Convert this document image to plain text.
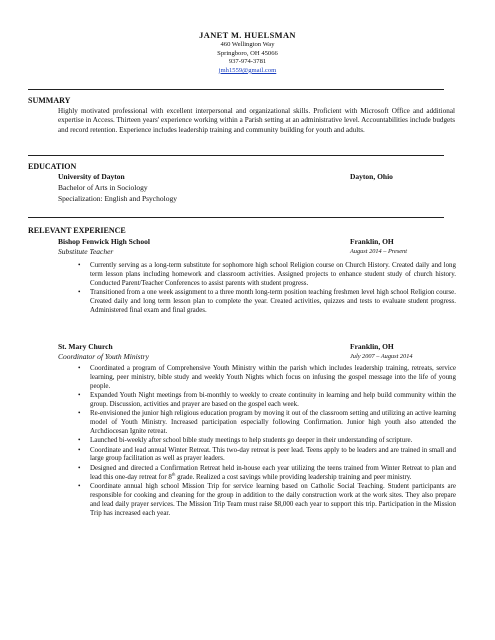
JANET M. HUELSMAN
460 Wellington Way
Springboro, OH 45066
937-974-3781
jmh1559@gmail.com
SUMMARY
Highly motivated professional with excellent interpersonal and organizational skills. Proficient with Microsoft Office and additional expertise in Access. Thirteen years' experience working within a Parish setting at an administrative level. Accountabilities include budgets and record retention. Experience includes leadership training and community building for youth and adults.
EDUCATION
University of Dayton	Dayton, Ohio
Bachelor of Arts in Sociology
Specialization: English and Psychology
RELEVANT EXPERIENCE
Bishop Fenwick High School	Franklin, OH
Substitute Teacher	August 2014 – Present
• Currently serving as a long-term substitute for sophomore high school Religion course on Church History. Created daily and long term lesson plans including homework and classroom activities. Assigned projects to enhance student study of church history. Conducted Parent/Teacher Conferences to assist parents with student progress.
• Transitioned from a one week assignment to a three month long-term position teaching freshmen level high school Religion course. Created daily and long term lesson plan to complete the year. Created activities, quizzes and tests to evaluate student progress. Administered final exam and final grades.
St. Mary Church	Franklin, OH
Coordinator of Youth Ministry	July 2007 – August 2014
• Coordinated a program of Comprehensive Youth Ministry within the parish which includes leadership training, retreats, service learning, peer ministry, bible study and weekly Youth Nights which focus on infusing the gospel message into the life of young people.
• Expanded Youth Night meetings from bi-monthly to weekly to create continuity in learning and help build community within the group. Discussion, activities and prayer are based on the gospel each week.
• Re-envisioned the junior high religious education program by moving it out of the classroom setting and utilizing an active learning model of Youth Ministry. Increased participation especially following Confirmation. Junior high youth also attended the Archdiocesan Ignite retreat.
• Launched bi-weekly after school bible study meetings to help students go deeper in their understanding of scripture.
• Coordinate and lead annual Winter Retreat. This two-day retreat is peer lead. Teens apply to be leaders and are trained in small and large group facilitation as well as prayer leaders.
• Designed and directed a Confirmation Retreat held in-house each year utilizing the teens trained from Winter Retreat to plan and lead this one-day retreat for 8th grade. Realized a cost savings while providing leadership training and peer ministry.
• Coordinate annual high school Mission Trip for service learning based on Catholic Social Teaching. Student participants are responsible for cooking and cleaning for the group in addition to the daily construction work at the work sites. They also prepare and lead daily prayer services. The Mission Trip Team must raise $8,000 each year to support this trip. Participation in the Mission Trip has increased each year.
